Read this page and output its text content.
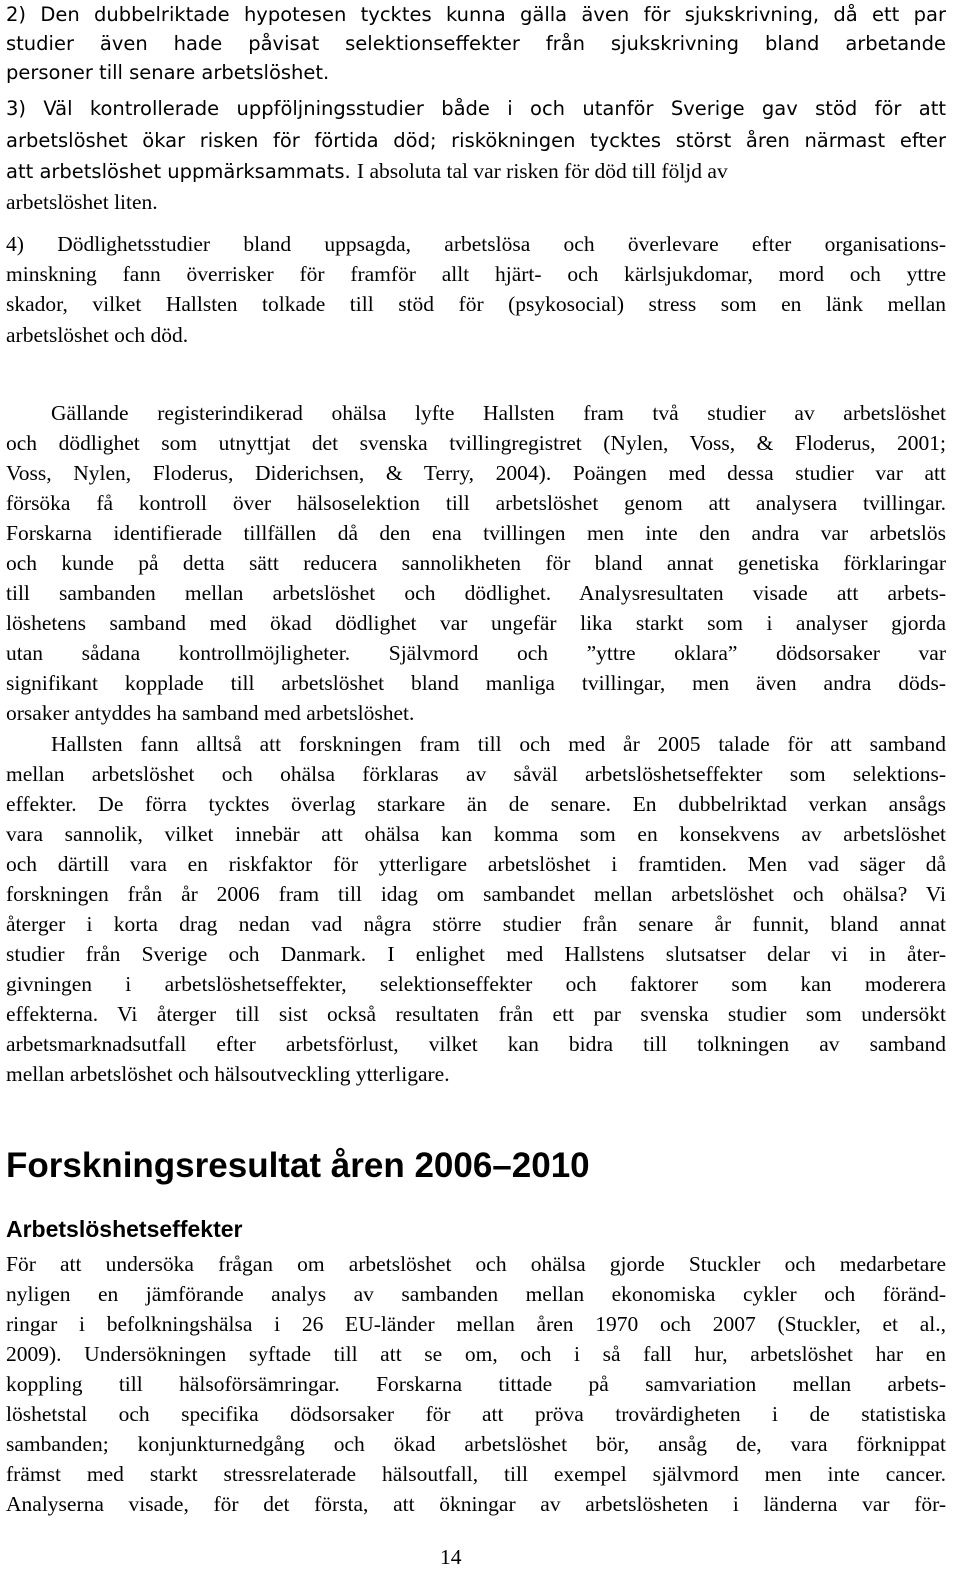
2) Den dubbelriktade hypotesen tycktes kunna gälla även för sjukskrivning, då ett par
studier även hade påvisat selektionseffekter från sjukskrivning bland arbetande
personer till senare arbetslöshet.
3) Väl kontrollerade uppföljningsstudier både i och utanför Sverige gav stöd för att
arbetslöshet ökar risken för förtida död; riskökningen tycktes störst åren närmast efter
att arbetslöshet uppmärksammats. I absoluta tal var risken för död till följd av
arbetslöshet liten.
4) Dödlighetsstudier bland uppsagda, arbetslösa och överlevare efter organisations-
minskning fann överrisker för framför allt hjärt- och kärlsjukdomar, mord och yttre
skador, vilket Hallsten tolkade till stöd för (psykosocial) stress som en länk mellan
arbetslöshet och död.
Gällande registerindikerad ohälsa lyfte Hallsten fram två studier av arbetslöshet
och dödlighet som utnyttjat det svenska tvillingregistret (Nylen, Voss, & Floderus, 2001;
Voss, Nylen, Floderus, Diderichsen, & Terry, 2004). Poängen med dessa studier var att
försöka få kontroll över hälsoselektion till arbetslöshet genom att analysera tvillingar.
Forskarna identifierade tillfällen då den ena tvillingen men inte den andra var arbetslös
och kunde på detta sätt reducera sannolikheten för bland annat genetiska förklaringar
till sambanden mellan arbetslöshet och dödlighet. Analysresultaten visade att arbets-
löshetens samband med ökad dödlighet var ungefär lika starkt som i analyser gjorda
utan sådana kontrollmöjligheter. Självmord och ”yttre oklara” dödsorsaker var
signifikant kopplade till arbetslöshet bland manliga tvillingar, men även andra döds-
orsaker antyddes ha samband med arbetslöshet.
Hallsten fann alltså att forskningen fram till och med år 2005 talade för att samband
mellan arbetslöshet och ohälsa förklaras av såväl arbetslöshetseffekter som selektions-
effekter. De förra tycktes överlag starkare än de senare. En dubbelriktad verkan ansågs
vara sannolik, vilket innebär att ohälsa kan komma som en konsekvens av arbetslöshet
och därtill vara en riskfaktor för ytterligare arbetslöshet i framtiden. Men vad säger då
forskningen från år 2006 fram till idag om sambandet mellan arbetslöshet och ohälsa? Vi
återger i korta drag nedan vad några större studier från senare år funnit, bland annat
studier från Sverige och Danmark. I enlighet med Hallstens slutsatser delar vi in åter-
givningen i arbetslöshetseffekter, selektionseffekter och faktorer som kan moderera
effekterna. Vi återger till sist också resultaten från ett par svenska studier som undersökt
arbetsmarknadsutfall efter arbetsförlust, vilket kan bidra till tolkningen av samband
mellan arbetslöshet och hälsoutveckling ytterligare.
Forskningsresultat åren 2006–2010
Arbetslöshetseffekter
För att undersöka frågan om arbetslöshet och ohälsa gjorde Stuckler och medarbetare
nyligen en jämförande analys av sambanden mellan ekonomiska cykler och föränd-
ringar i befolkningshälsa i 26 EU-länder mellan åren 1970 och 2007 (Stuckler, et al.,
2009). Undersökningen syftade till att se om, och i så fall hur, arbetslöshet har en
koppling till hälsoförsämringar. Forskarna tittade på samvariation mellan arbets-
löshetstal och specifika dödsorsaker för att pröva trovärdigheten i de statistiska
sambanden; konjunkturnedgång och ökad arbetslöshet bör, ansåg de, vara förknippat
främst med starkt stressrelaterade hälsoutfall, till exempel självmord men inte cancer.
Analyserna visade, för det första, att ökningar av arbetslösheten i länderna var för-
14
